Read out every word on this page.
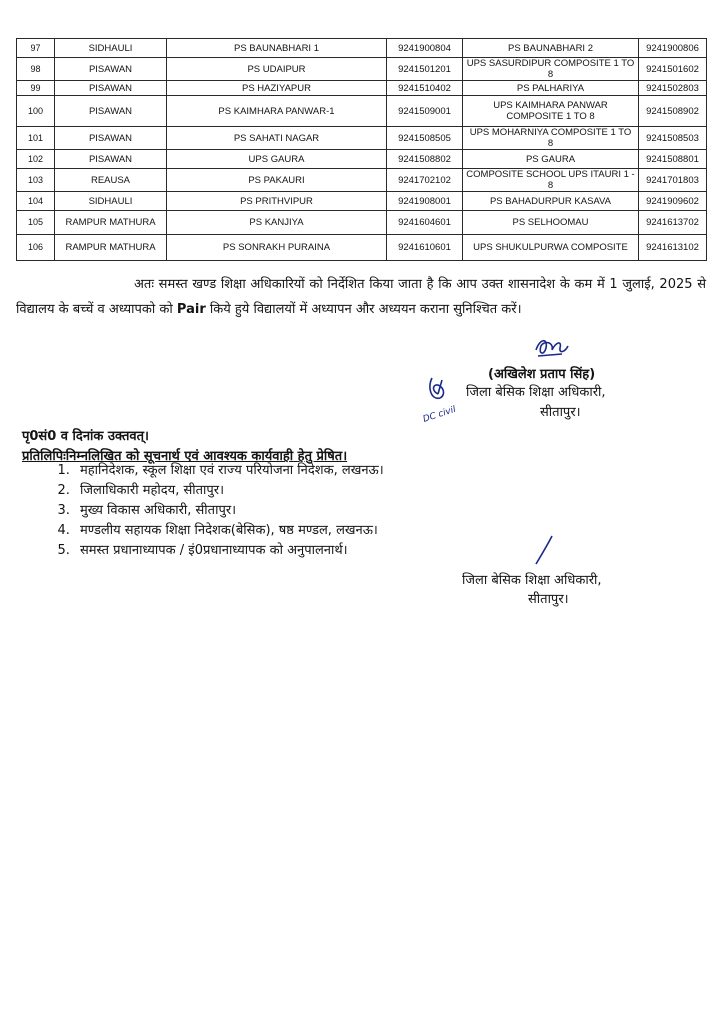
97	SIDHAULI	PS BAUNABHARI 1	9241900804	PS BAUNABHARI 2	9241900806
98	PISAWAN	PS UDAIPUR	9241501201	UPS SASURDIPUR COMPOSITE 1 TO 8	9241501602
99	PISAWAN	PS HAZIYAPUR	9241510402	PS PALHARIYA	9241502803
100	PISAWAN	PS KAIMHARA PANWAR-1	9241509001	UPS KAIMHARA PANWAR COMPOSITE 1 TO 8	9241508902
101	PISAWAN	PS SAHATI NAGAR	9241508505	UPS MOHARNIYA COMPOSITE 1 TO 8	9241508503
102	PISAWAN	UPS GAURA	9241508802	PS GAURA	9241508801
103	REAUSA	PS PAKAURI	9241702102	COMPOSITE SCHOOL UPS ITAURI 1 - 8	9241701803
104	SIDHAULI	PS PRITHVIPUR	9241908001	PS BAHADURPUR KASAVA	9241909602
105	RAMPUR MATHURA	PS KANJIYA	9241604601	PS SELHOOMAU	9241613702
106	RAMPUR MATHURA	PS SONRAKH PURAINA	9241610601	UPS SHUKULPURWA COMPOSITE	9241613102

अतः समस्त खण्ड शिक्षा अधिकारियों को निर्देशित किया जाता है कि आप उक्त शासनादेश के कम में 1 जुलाई, 2025 से विद्यालय के बच्चें व अध्यापको को Pair किये हुये विद्यालयों में अध्यापन और अध्ययन कराना सुनिश्चित करें।

DC civil
(अखिलेश प्रताप सिंह)
जिला बेसिक शिक्षा अधिकारी,
सीतापुर।
पृ0सं0 व दिनांक उक्तवत्।
प्रतिलिपिःनिम्नलिखित को सूचनार्थ एवं आवश्यक कार्यवाही हेतु प्रेषित।
1. महानिदेशक, स्कूल शिक्षा एवं राज्य परियोजना निदेशक, लखनऊ।
2. जिलाधिकारी महोदय, सीतापुर।
3. मुख्य विकास अधिकारी, सीतापुर।
4. मण्डलीय सहायक शिक्षा निदेशक(बेसिक), षष्ठ मण्डल, लखनऊ।
5. समस्त प्रधानाध्यापक / इं0प्रधानाध्यापक को अनुपालनार्थ।
जिला बेसिक शिक्षा अधिकारी,
सीतापुर।
